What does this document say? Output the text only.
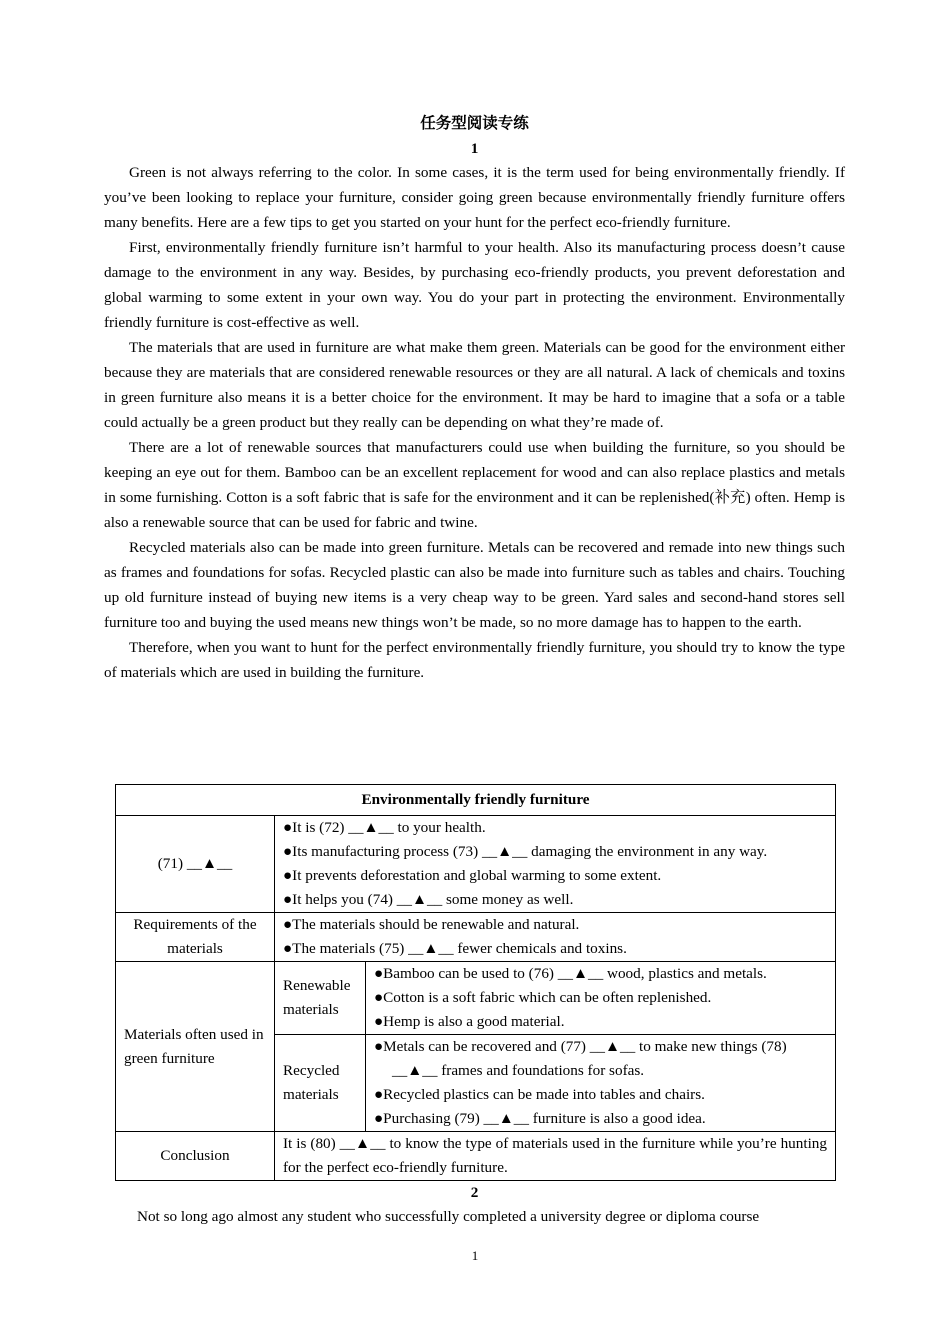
任务型阅读专练
1

Green is not always referring to the color. In some cases, it is the term used for being environmentally friendly. If you’ve been looking to replace your furniture, consider going green because environmentally friendly furniture offers many benefits. Here are a few tips to get you started on your hunt for the perfect eco-friendly furniture.

First, environmentally friendly furniture isn’t harmful to your health. Also its manufacturing process doesn’t cause damage to the environment in any way. Besides, by purchasing eco-friendly products, you prevent deforestation and global warming to some extent in your own way. You do your part in protecting the environment. Environmentally friendly furniture is cost-effective as well.

The materials that are used in furniture are what make them green. Materials can be good for the environment either because they are materials that are considered renewable resources or they are all natural. A lack of chemicals and toxins in green furniture also means it is a better choice for the environment. It may be hard to imagine that a sofa or a table could actually be a green product but they really can be depending on what they’re made of.

There are a lot of renewable sources that manufacturers could use when building the furniture, so you should be keeping an eye out for them. Bamboo can be an excellent replacement for wood and can also replace plastics and metals in some furnishing. Cotton is a soft fabric that is safe for the environment and it can be replenished(补充) often. Hemp is also a renewable source that can be used for fabric and twine.

Recycled materials also can be made into green furniture. Metals can be recovered and remade into new things such as frames and foundations for sofas. Recycled plastic can also be made into furniture such as tables and chairs. Touching up old furniture instead of buying new items is a very cheap way to be green. Yard sales and second-hand stores sell furniture too and buying the used means new things won’t be made, so no more damage has to happen to the earth.

Therefore, when you want to hunt for the perfect environmentally friendly furniture, you should try to know the type of materials which are used in building the furniture.

Environmentally friendly furniture		
(71) __▲__	●It is (72) __▲__ to your health.
●Its manufacturing process (73) __▲__ damaging the environment in any way.
●It prevents deforestation and global warming to some extent.
●It helps you (74) __▲__ some money as well.	

Requirements of the materials	●The materials should be renewable and natural.
●The materials (75) __▲__ fewer chemicals and toxins.	

Materials often used in green furniture	Renewable materials	●Bamboo can be used to (76) __▲__ wood, plastics and metals.
●Cotton is a soft fabric which can be often replenished.
●Hemp is also a good material.

	Recycled materials	●Metals can be recovered and (77) __▲__ to make new things (78)
__▲__ frames and foundations for sofas.
●Recycled plastics can be made into tables and chairs.
●Purchasing (79) __▲__ furniture is also a good idea.

Conclusion	It is (80) __▲__ to know the type of materials used in the furniture while you’re hunting for the perfect eco-friendly furniture.	
2

Not so long ago almost any student who successfully completed a university degree or diploma course

1
